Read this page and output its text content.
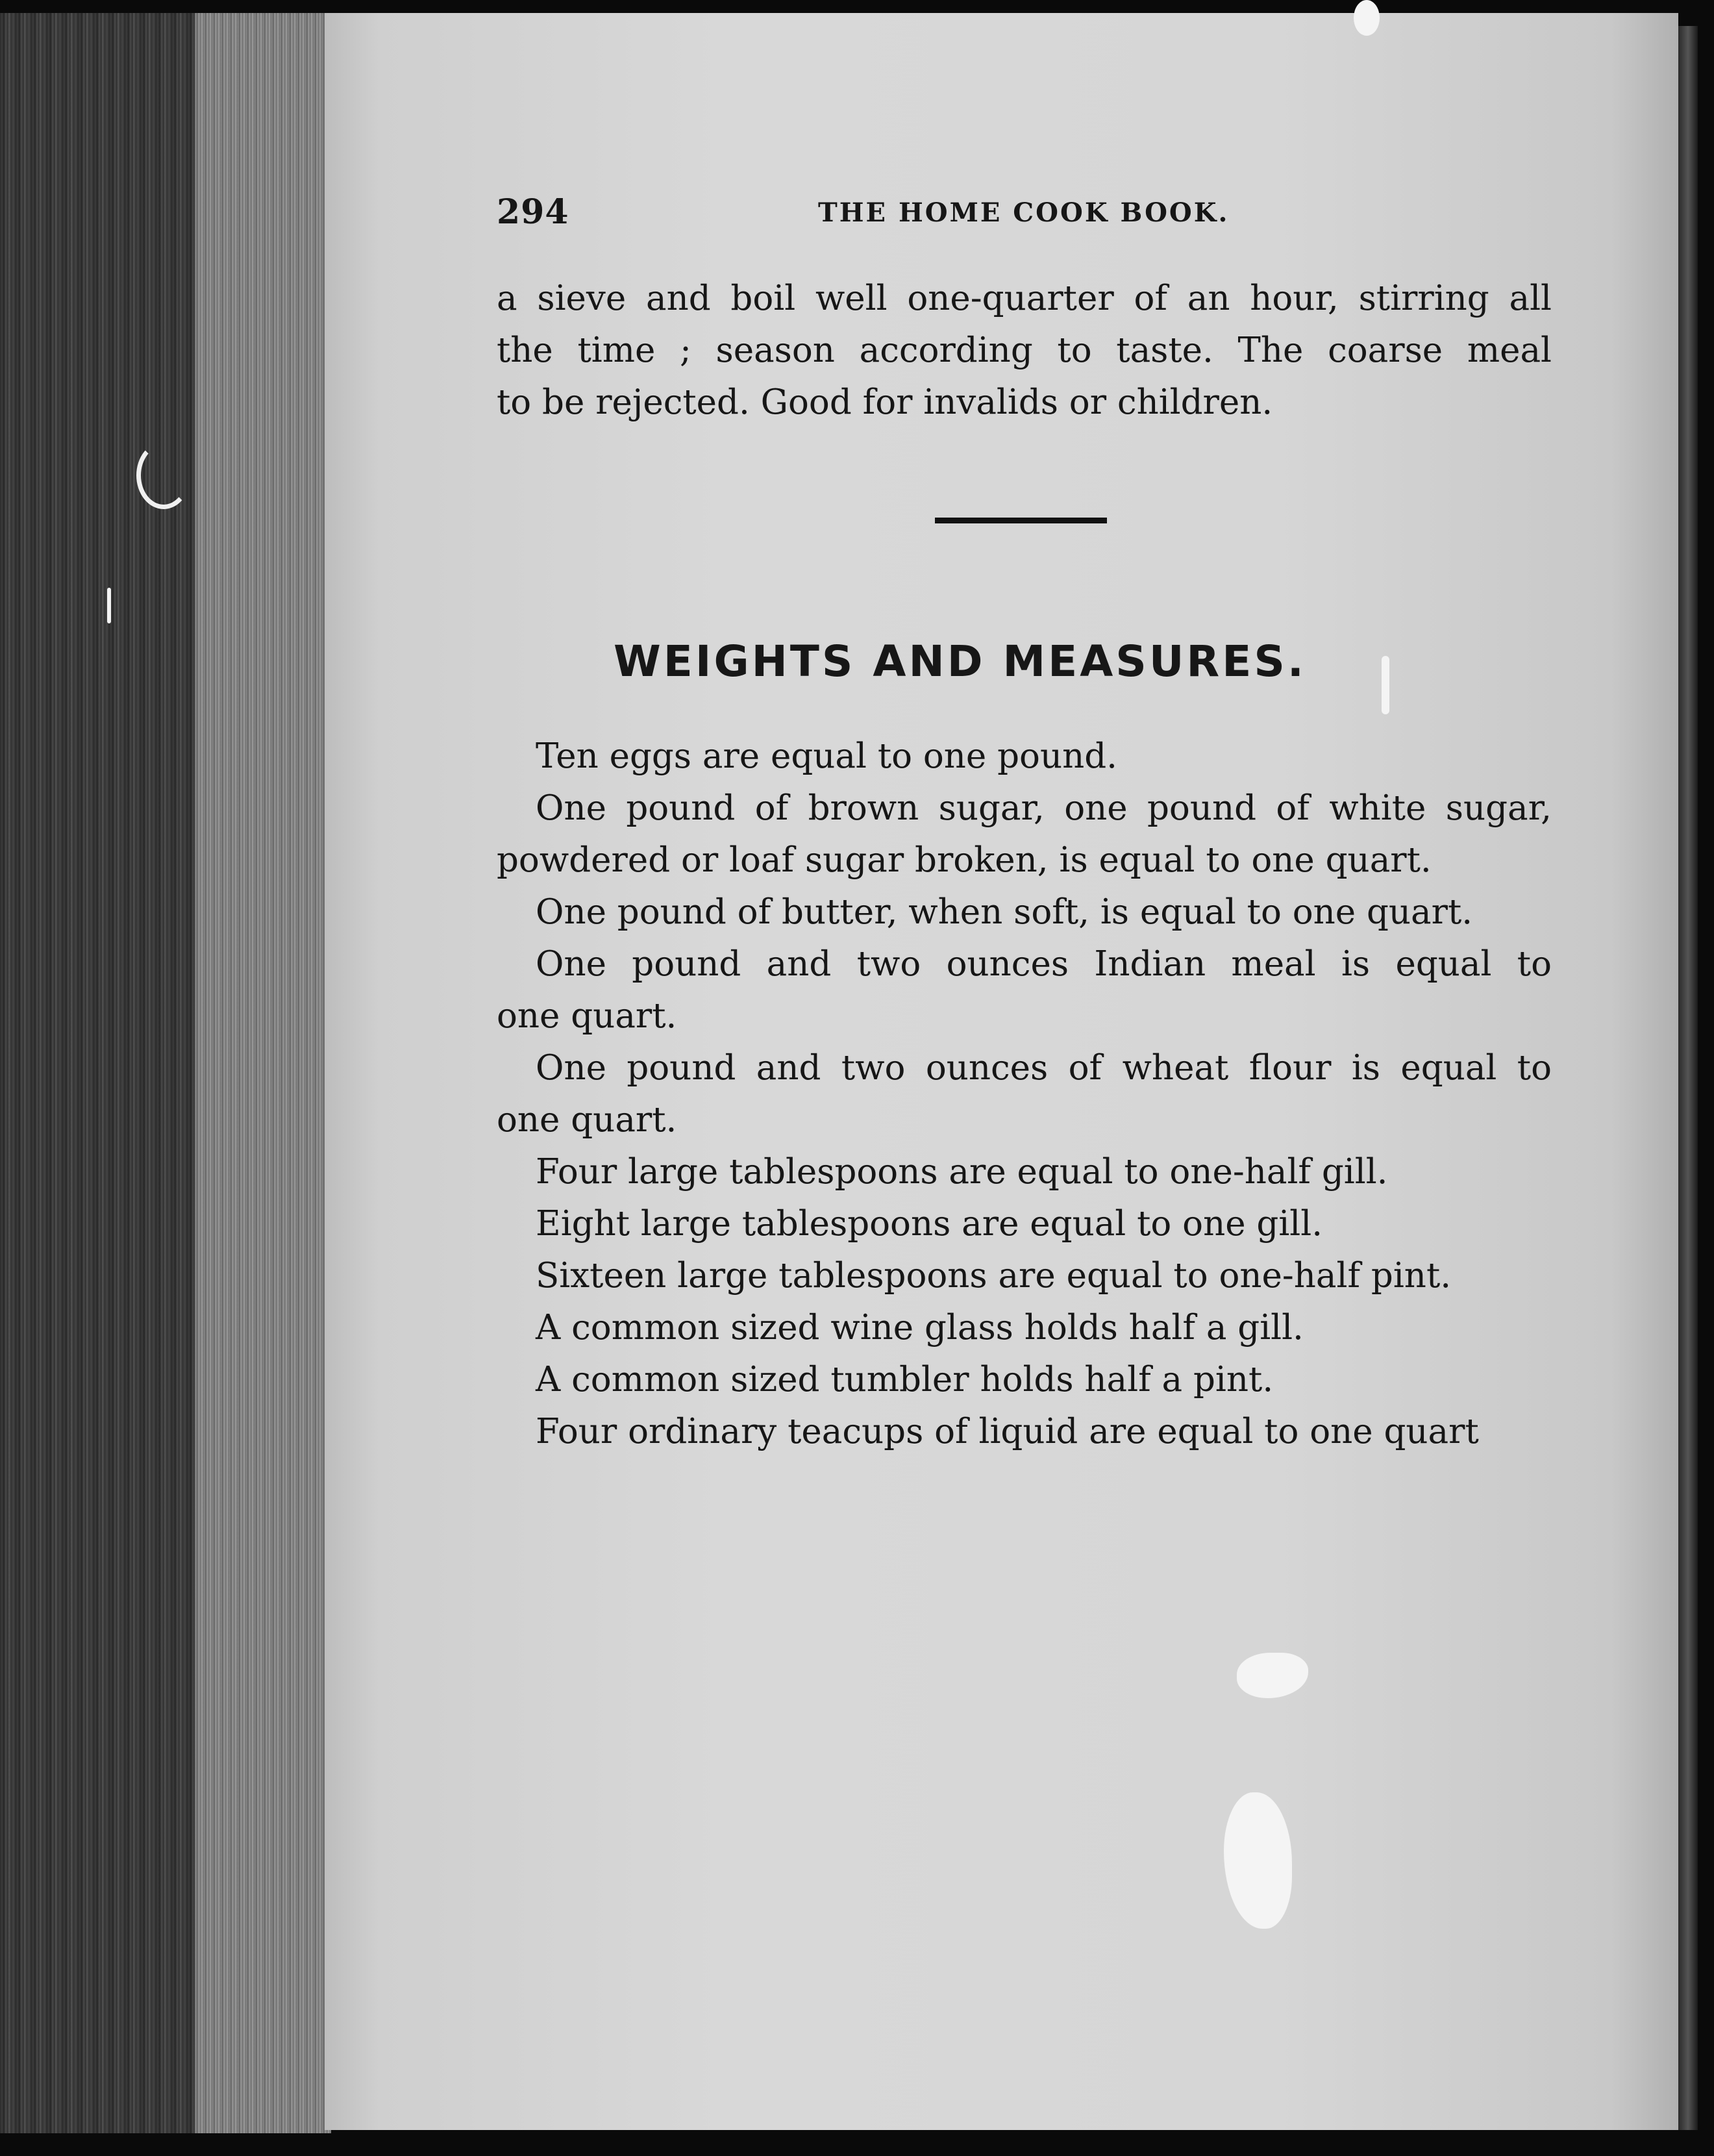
294	THE HOME COOK BOOK.
a sieve and boil well one-quarter of an hour, stirring all
the time ; season according to taste. The coarse meal
to be rejected. Good for invalids or children.
WEIGHTS AND MEASURES.
Ten eggs are equal to one pound.
One pound of brown sugar, one pound of white sugar,
powdered or loaf sugar broken, is equal to one quart.
One pound of butter, when soft, is equal to one quart.
One pound and two ounces Indian meal is equal to
one quart.
One pound and two ounces of wheat flour is equal to
one quart.
Four large tablespoons are equal to one-half gill.
Eight large tablespoons are equal to one gill.
Sixteen large tablespoons are equal to one-half pint.
A common sized wine glass holds half a gill.
A common sized tumbler holds half a pint.
Four ordinary teacups of liquid are equal to one quart
